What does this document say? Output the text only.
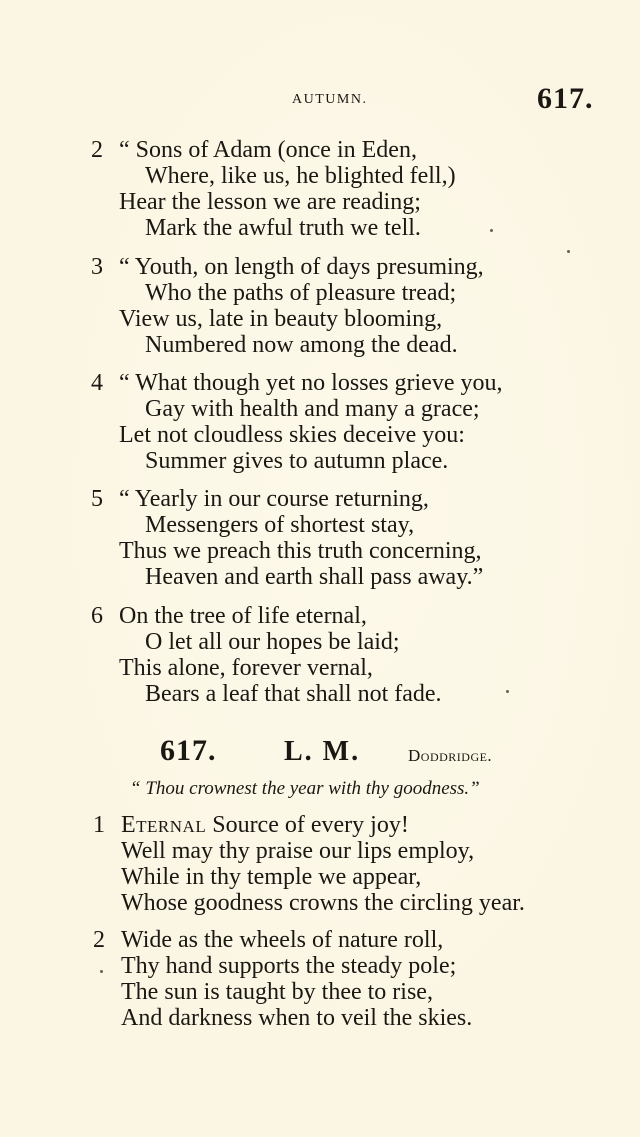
AUTUMN.	617.
2 “ Sons of Adam (once in Eden,
Where, like us, he blighted fell,)
Hear the lesson we are reading;
Mark the awful truth we tell.
3 “ Youth, on length of days presuming,
Who the paths of pleasure tread;
View us, late in beauty blooming,
Numbered now among the dead.
4 “ What though yet no losses grieve you,
Gay with health and many a grace;
Let not cloudless skies deceive you:
Summer gives to autumn place.
5 “ Yearly in our course returning,
Messengers of shortest stay,
Thus we preach this truth concerning,
Heaven and earth shall pass away.”
6 On the tree of life eternal,
O let all our hopes be laid;
This alone, forever vernal,
Bears a leaf that shall not fade.
617. L. M.	Doddridge.
“ Thou crownest the year with thy goodness.”
1 Eternal Source of every joy!
Well may thy praise our lips employ,
While in thy temple we appear,
Whose goodness crowns the circling year.
2 Wide as the wheels of nature roll,
Thy hand supports the steady pole;
The sun is taught by thee to rise,
And darkness when to veil the skies.
